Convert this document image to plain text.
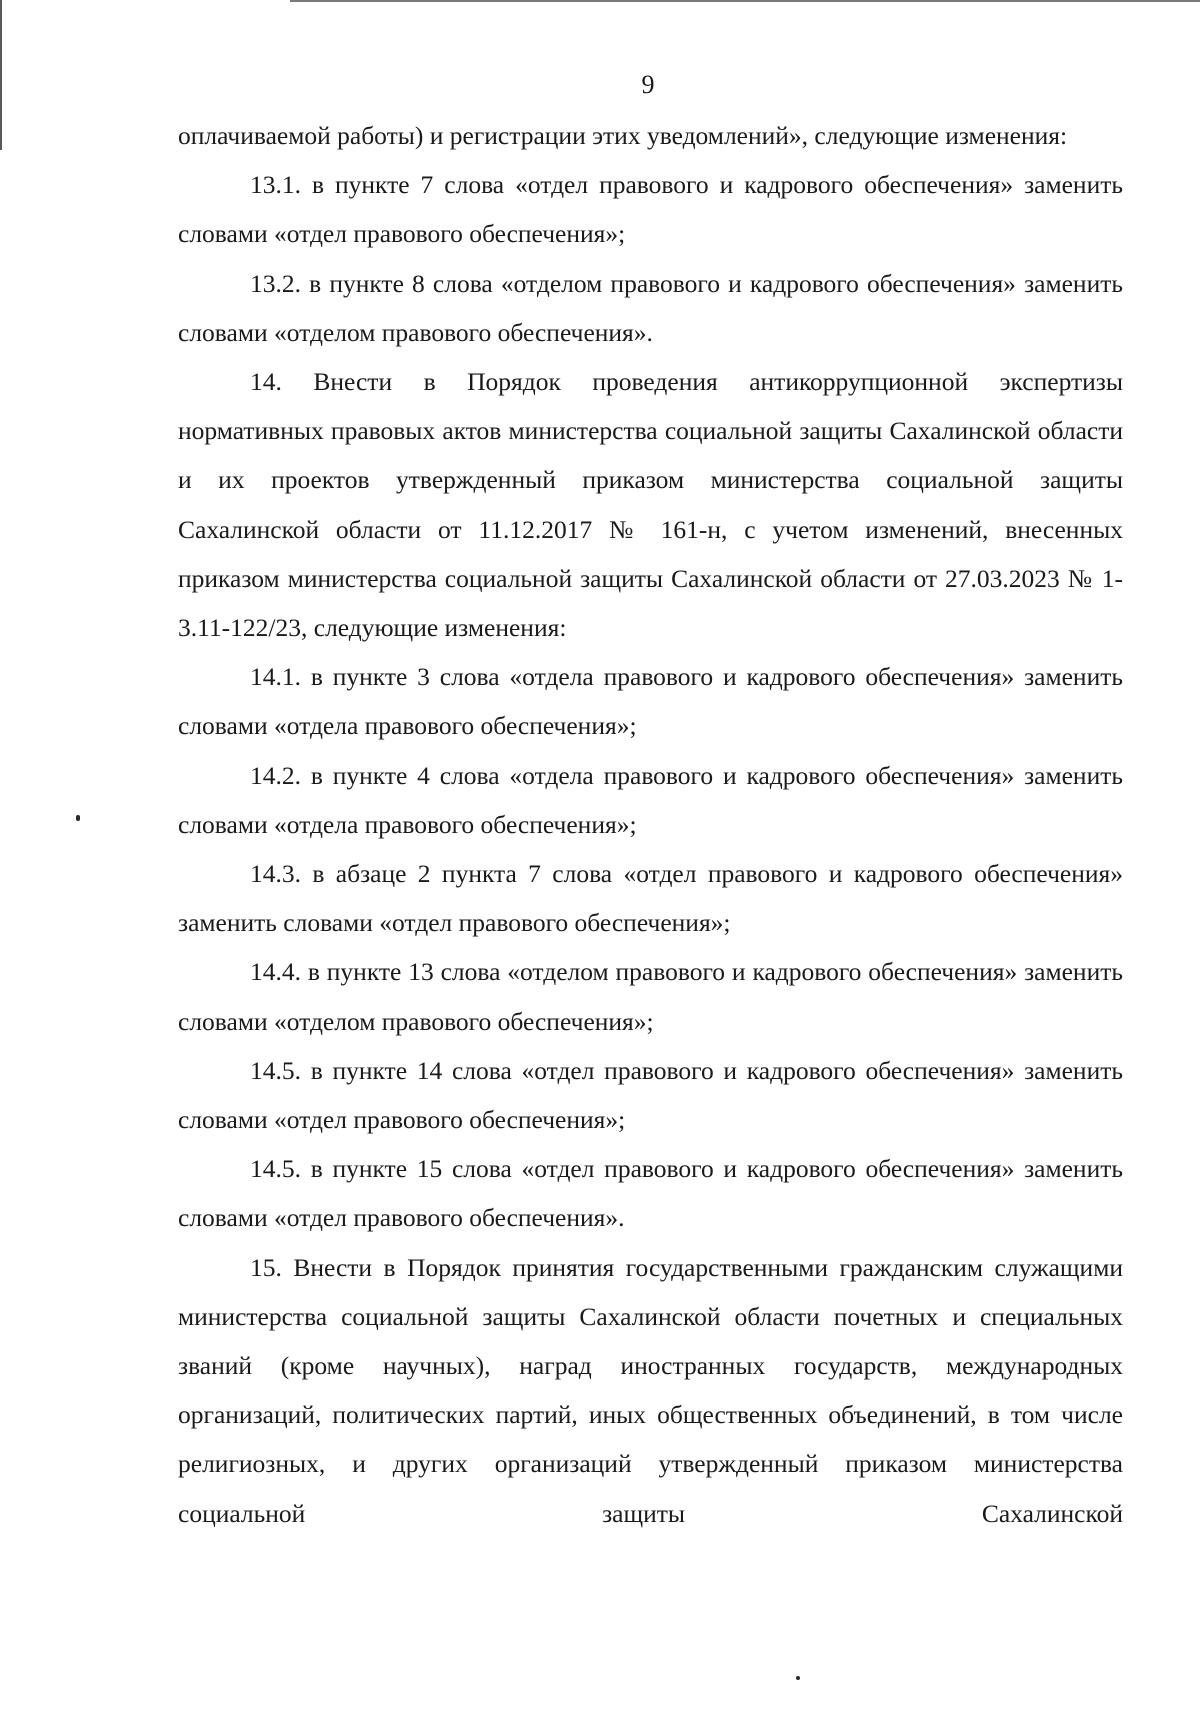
9

оплачиваемой работы) и регистрации этих уведомлений», следующие изменения:

13.1. в пункте 7 слова «отдел правового и кадрового обеспечения» заменить словами «отдел правового обеспечения»;

13.2. в пункте 8 слова «отделом правового и кадрового обеспечения» заменить словами «отделом правового обеспечения».

14. Внести в Порядок проведения антикоррупционной экспертизы нормативных правовых актов министерства социальной защиты Сахалинской области и их проектов утвержденный приказом министерства социальной защиты Сахалинской области от 11.12.2017 № 161-н, с учетом изменений, внесенных приказом министерства социальной защиты Сахалинской области от 27.03.2023 № 1-3.11-122/23, следующие изменения:

14.1. в пункте 3 слова «отдела правового и кадрового обеспечения» заменить словами «отдела правового обеспечения»;

14.2. в пункте 4 слова «отдела правового и кадрового обеспечения» заменить словами «отдела правового обеспечения»;

14.3. в абзаце 2 пункта 7 слова «отдел правового и кадрового обеспечения» заменить словами «отдел правового обеспечения»;

14.4. в пункте 13 слова «отделом правового и кадрового обеспечения» заменить словами «отделом правового обеспечения»;

14.5. в пункте 14 слова «отдел правового и кадрового обеспечения» заменить словами «отдел правового обеспечения»;

14.5. в пункте 15 слова «отдел правового и кадрового обеспечения» заменить словами «отдел правового обеспечения».

15. Внести в Порядок принятия государственными гражданским служащими министерства социальной защиты Сахалинской области почетных и специальных званий (кроме научных), наград иностранных государств, международных организаций, политических партий, иных общественных объединений, в том числе религиозных, и других организаций утвержденный приказом министерства социальной защиты Сахалинской
